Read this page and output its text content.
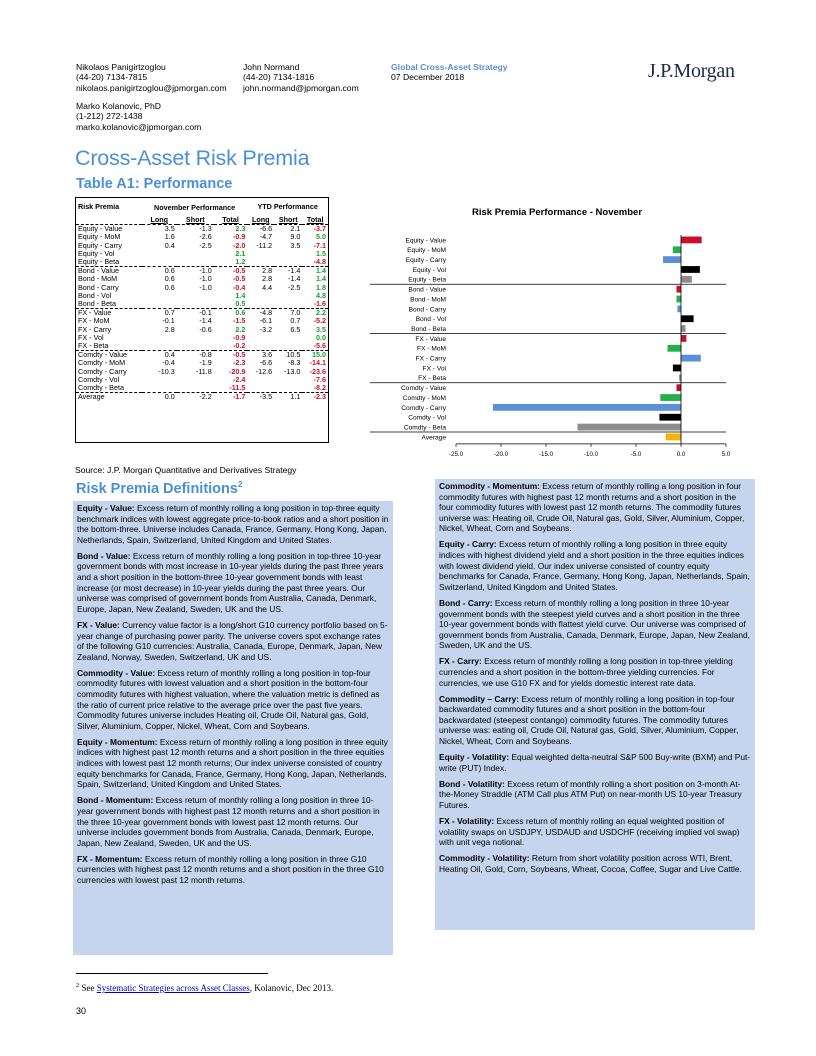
Nikolaos Panigirtzoglou
(44-20) 7134-7815
nikolaos.panigirtzoglou@jpmorgan.com
John Normand
(44-20) 7134-1816
john.normand@jpmorgan.com
Marko Kolanovic, PhD
(1-212) 272-1438
marko.kolanovic@jpmorgan.com
Global Cross-Asset Strategy
07 December 2018	J.P.Morgan
Cross-Asset Risk Premia
Table A1: Performance
Risk Premia	November Performance			YTD Performance		

	Long	Short	Total	Long	Short	Total
Equity - Value	3.5	-1.3	2.3	-6.6	2.1	-3.7
Equity - MoM	1.6	-2.6	-0.9	-4.7	9.0	5.0
Equity - Carry	0.4	-2.5	-2.0	-11.2	3.5	-7.1
Equity - Vol			2.1			1.5
Equity - Beta			1.2			-4.8
Bond - Value	0.6	-1.0	-0.5	2.8	-1.4	1.4
Bond - MoM	0.6	-1.0	-0.5	2.8	-1.4	1.4
Bond - Carry	0.6	-1.0	-0.4	4.4	-2.5	1.8
Bond - Vol			1.4			4.8
Bond - Beta			0.5			-1.6
FX - Value	0.7	-0.1	0.6	-4.8	7.0	2.2
FX - MoM	-0.1	-1.4	-1.5	-6.1	0.7	-5.2
FX - Carry	2.8	-0.6	2.2	-3.2	6.5	3.5
FX - Vol			-0.9			0.0
FX - Beta			-0.2			-5.6
Comdty - Value	0.4	-0.8	-0.5	3.6	10.5	15.0
Comdty - MoM	-0.4	-1.9	-2.3	-6.6	-8.3	-14.1
Comdty - Carry	-10.3	-11.8	-20.9	-12.6	-13.0	-23.6
Comdty - Vol			-2.4			-7.6
Comdty - Beta			-11.5			-8.2
Average	0.0	-2.2	-1.7	-3.5	1.1	-2.3
Risk Premia Performance - November
Equity - Value
Equity - MoM
Equity - Carry
Equity - Vol
Equity - Beta
Bond - Value
Bond - MoM
Bond - Carry
Bond - Vol
Bond - Beta
FX - Value
FX - MoM
FX - Carry
FX - Vol
FX - Beta
Comdty - Value
Comdty - MoM
Comdty - Carry
Comdty - Vol
Comdty - Beta
Average
-25.0	-20.0	-15.0	-10.0	-5.0	0.0	5.0
Source: J.P. Morgan Quantitative and Derivatives Strategy
Risk Premia Definitions$^2$

Equity - Value: Excess return of monthly rolling a long position in top-three equity benchmark indices with lowest aggregate price-to-book ratios and a short position in the bottom-three. Universe includes Canada, France, Germany, Hong Kong, Japan, Netherlands, Spain, Switzerland, United Kingdom and United States.

Bond - Value: Excess return of monthly rolling a long position in top-three 10-year government bonds with most increase in 10-year yields during the past three years and a short position in the bottom-three 10-year government bonds with least increase (or most decrease) in 10-year yields during the past three years. Our universe was comprised of government bonds from Australia, Canada, Denmark, Europe, Japan, New Zealand, Sweden, UK and the US.

FX - Value: Currency value factor is a long/short G10 currency portfolio based on 5-year change of purchasing power parity. The universe covers spot exchange rates of the following G10 currencies: Australia, Canada, Europe, Denmark, Japan, New Zealand, Norway, Sweden, Switzerland, UK and US.

Commodity - Value: Excess return of monthly rolling a long position in top-four commodity futures with lowest valuation and a short position in the bottom-four commodity futures with highest valuation, where the valuation metric is defined as the ratio of current price relative to the average price over the past five years. Commodity futures universe includes Heating oil, Crude Oil, Natural gas, Gold, Silver, Aluminium, Copper, Nickel, Wheat, Corn and Soybeans.

Equity - Momentum: Excess return of monthly rolling a long position in three equity indices with highest past 12 month returns and a short position in the three equities indices with lowest past 12 month returns; Our index universe consisted of country equity benchmarks for Canada, France, Germany, Hong Kong, Japan, Netherlands, Spain, Switzerland, United Kingdom and United States.

Bond - Momentum: Excess return of monthly rolling a long position in three 10-year government bonds with highest past 12 month returns and a short position in the three 10-year government bonds with lowest past 12 month returns. Our universe includes government bonds from Australia, Canada, Denmark, Europe, Japan, New Zealand, Sweden, UK and the US.

FX - Momentum: Excess return of monthly rolling a long position in three G10 currencies with highest past 12 month returns and a short position in the three G10 currencies with lowest past 12 month returns.

Commodity - Momentum: Excess return of monthly rolling a long position in four commodity futures with highest past 12 month returns and a short position in the four commodity futures with lowest past 12 month returns. The commodity futures universe was: Heating oil, Crude Oil, Natural gas, Gold, Silver, Aluminium, Copper, Nickel, Wheat, Corn and Soybeans.

Equity - Carry: Excess return of monthly rolling a long position in three equity indices with highest dividend yield and a short position in the three equities indices with lowest dividend yield. Our index universe consisted of country equity benchmarks for Canada, France, Germany, Hong Kong, Japan, Netherlands, Spain, Switzerland, United Kingdom and United States.

Bond - Carry: Excess return of monthly rolling a long position in three 10-year government bonds with the steepest yield curves and a short position in the three 10-year government bonds with flattest yield curve. Our universe was comprised of government bonds from Australia, Canada, Denmark, Europe, Japan, New Zealand, Sweden, UK and the US.

FX - Carry: Excess return of monthly rolling a long position in top-three yielding currencies and a short position in the bottom-three yielding currencies. For currencies, we use G10 FX and for yields domestic interest rate data.

Commodity – Carry: Excess return of monthly rolling a long position in top-four backwardated commodity futures and a short position in the bottom-four backwardated (steepest contango) commodity futures. The commodity futures universe was: eating oil, Crude Oil, Natural gas, Gold, Silver, Aluminium, Copper, Nickel, Wheat, Corn and Soybeans.

Equity - Volatility: Equal weighted delta-neutral S&P 500 Buy-write (BXM) and Put-write (PUT) Index.

Bond - Volatility: Excess return of monthly rolling a short position on 3-month At-the-Money Straddle (ATM Call plus ATM Put) on near-month US 10-year Treasury Futures.

FX - Volatility: Excess return of monthly rolling an equal weighted position of volatility swaps on USDJPY, USDAUD and USDCHF (receiving implied vol swap) with unit vega notional.

Commodity - Volatility: Return from short volatility position across WTI, Brent, Heating Oil, Gold, Corn, Soybeans, Wheat, Cocoa, Coffee, Sugar and Live Cattle.

$^2$ See Systematic Strategies across Asset Classes, Kolanovic, Dec 2013.
30
